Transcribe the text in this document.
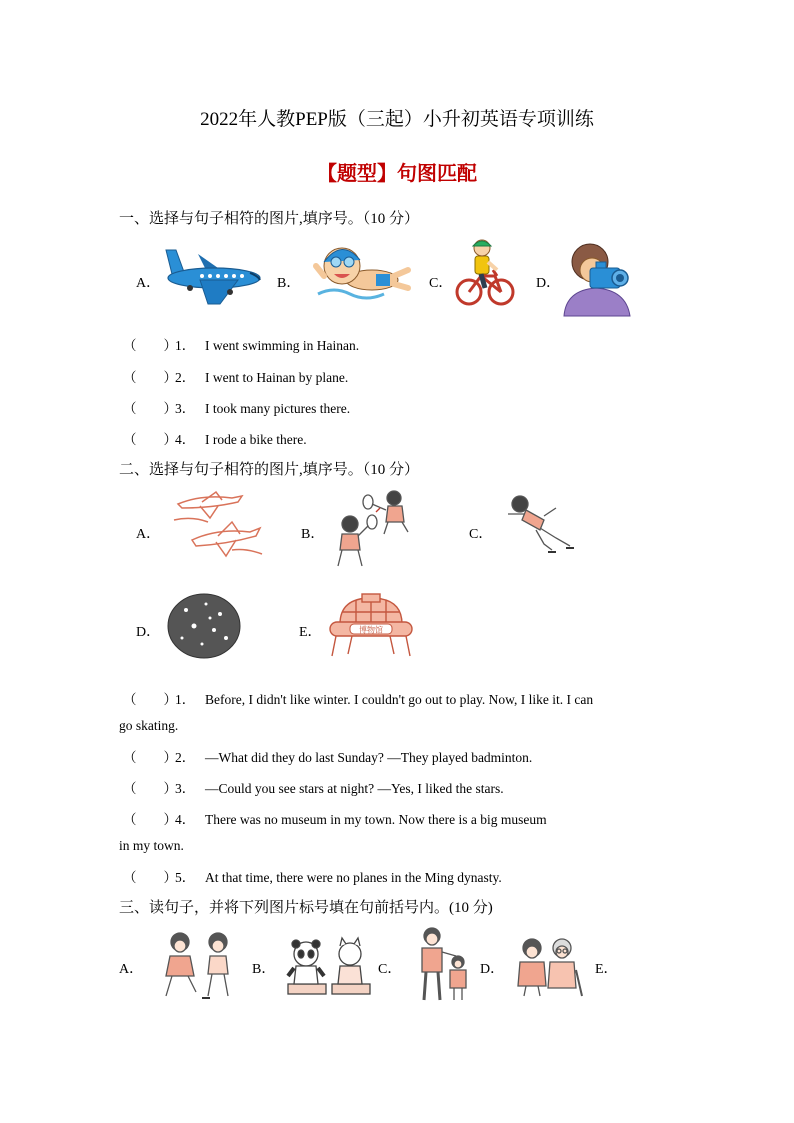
2022年人教PEP版（三起）小升初英语专项训练
【题型】句图匹配
一、选择与句子相符的图片,填序号。（10 分）
A．	B．	C．	D．
（　　）1． I went swimming in Hainan.
（　　）2． I went to Hainan by plane.
（　　）3． I took many pictures there.
（　　）4． I rode a bike there.
二、选择与句子相符的图片,填序号。（10 分）
A．	B．	C．
D．	E．	博物馆
（　　）1． Before, I didn't like winter. I couldn't go out to play. Now, I like it. I can
go skating.
（　　）2． —What did they do last Sunday? —They played badminton.
（　　）3． —Could you see stars at night? —Yes, I liked the stars.
（　　）4． There was no museum in my town. Now there is a big museum
in my town.
（　　）5． At that time, there were no planes in the Ming dynasty.
三、读句子，并将下列图片标号填在句前括号内。(10 分)
A．	B．	C．	D．	E．
